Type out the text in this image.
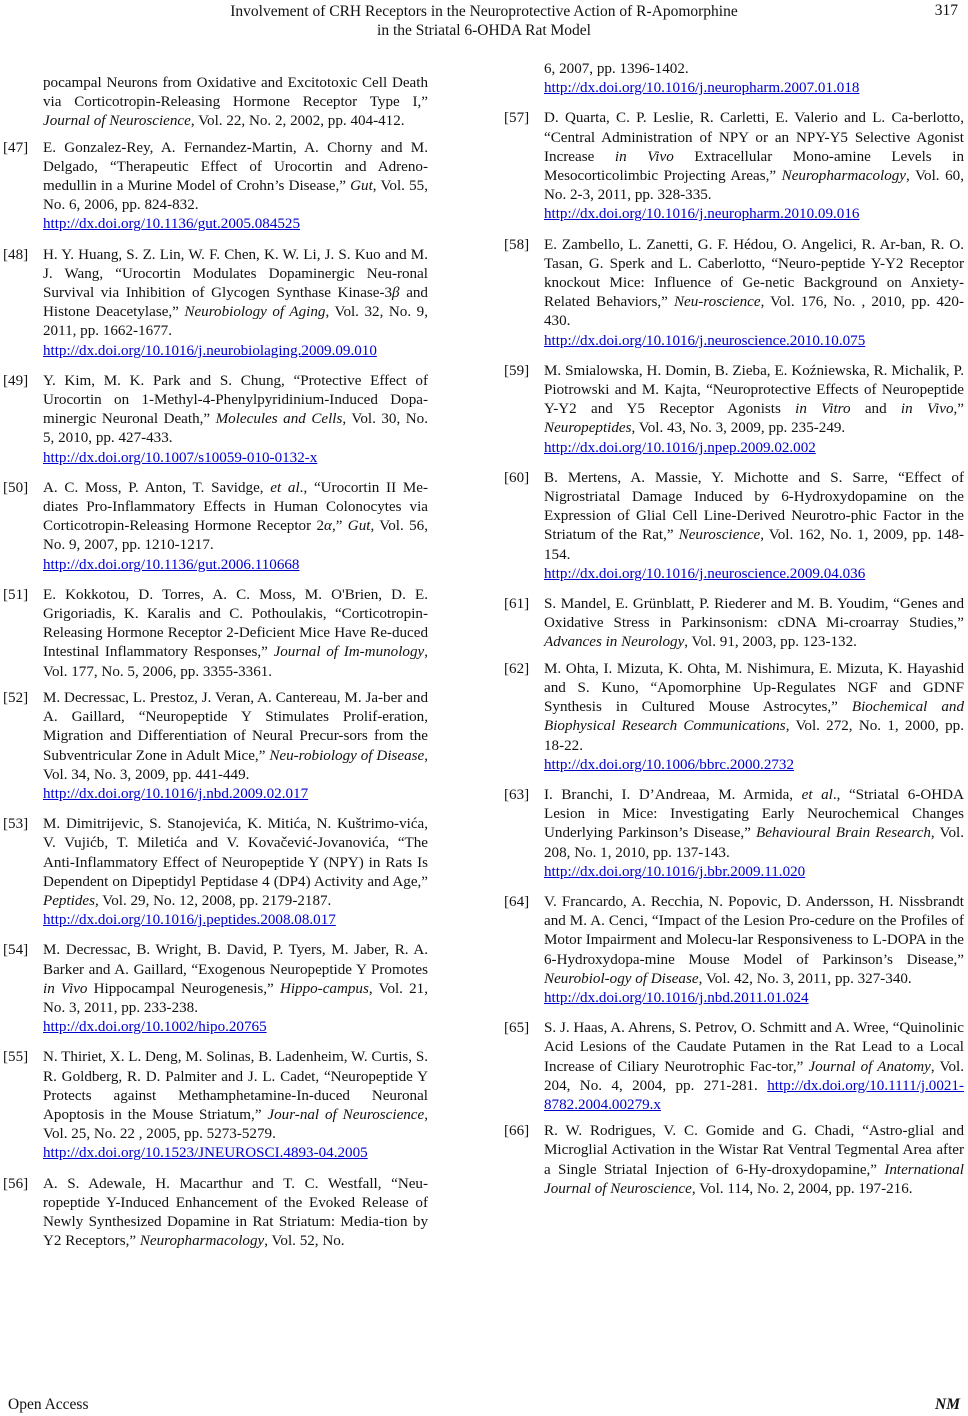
Involvement of CRH Receptors in the Neuroprotective Action of R-Apomorphine
in the Striatal 6-OHDA Rat Model
317
pocampal Neurons from Oxidative and Excitotoxic Cell Death via Corticotropin-Releasing Hormone Receptor Type I,” Journal of Neuroscience, Vol. 22, No. 2, 2002, pp. 404-412.
[47] E. Gonzalez-Rey, A. Fernandez-Martin, A. Chorny and M. Delgado, “Therapeutic Effect of Urocortin and Adreno-medullin in a Murine Model of Crohn’s Disease,” Gut, Vol. 55, No. 6, 2006, pp. 824-832.
http://dx.doi.org/10.1136/gut.2005.084525
[48] H. Y. Huang, S. Z. Lin, W. F. Chen, K. W. Li, J. S. Kuo and M. J. Wang, “Urocortin Modulates Dopaminergic Neu-ronal Survival via Inhibition of Glycogen Synthase Kinase-3β and Histone Deacetylase,” Neurobiology of Aging, Vol. 32, No. 9, 2011, pp. 1662-1677.
http://dx.doi.org/10.1016/j.neurobiolaging.2009.09.010
[49] Y. Kim, M. K. Park and S. Chung, “Protective Effect of Urocortin on 1-Methyl-4-Phenylpyridinium-Induced Dopa-minergic Neuronal Death,” Molecules and Cells, Vol. 30, No. 5, 2010, pp. 427-433.
http://dx.doi.org/10.1007/s10059-010-0132-x
[50] A. C. Moss, P. Anton, T. Savidge, et al., “Urocortin II Me-diates Pro-Inflammatory Effects in Human Colonocytes via Corticotropin-Releasing Hormone Receptor 2α,” Gut, Vol. 56, No. 9, 2007, pp. 1210-1217.
http://dx.doi.org/10.1136/gut.2006.110668
[51] E. Kokkotou, D. Torres, A. C. Moss, M. O'Brien, D. E. Grigoriadis, K. Karalis and C. Pothoulakis, “Corticotropin-Releasing Hormone Receptor 2-Deficient Mice Have Re-duced Intestinal Inflammatory Responses,” Journal of Im-munology, Vol. 177, No. 5, 2006, pp. 3355-3361.
[52] M. Decressac, L. Prestoz, J. Veran, A. Cantereau, M. Ja-ber and A. Gaillard, “Neuropeptide Y Stimulates Prolif-eration, Migration and Differentiation of Neural Precur-sors from the Subventricular Zone in Adult Mice,” Neu-robiology of Disease, Vol. 34, No. 3, 2009, pp. 441-449.
http://dx.doi.org/10.1016/j.nbd.2009.02.017
[53] M. Dimitrijevic, S. Stanojevića, K. Mitića, N. Kuštrimo-vića, V. Vujićb, T. Miletića and V. Kovačević-Jovanovića, “The Anti-Inflammatory Effect of Neuropeptide Y (NPY) in Rats Is Dependent on Dipeptidyl Peptidase 4 (DP4) Activity and Age,” Peptides, Vol. 29, No. 12, 2008, pp. 2179-2187.
http://dx.doi.org/10.1016/j.peptides.2008.08.017
[54] M. Decressac, B. Wright, B. David, P. Tyers, M. Jaber, R. A. Barker and A. Gaillard, “Exogenous Neuropeptide Y Promotes in Vivo Hippocampal Neurogenesis,” Hippo-campus, Vol. 21, No. 3, 2011, pp. 233-238.
http://dx.doi.org/10.1002/hipo.20765
[55] N. Thiriet, X. L. Deng, M. Solinas, B. Ladenheim, W. Curtis, S. R. Goldberg, R. D. Palmiter and J. L. Cadet, “Neuropeptide Y Protects against Methamphetamine-In-duced Neuronal Apoptosis in the Mouse Striatum,” Jour-nal of Neuroscience, Vol. 25, No. 22 , 2005, pp. 5273-5279.
http://dx.doi.org/10.1523/JNEUROSCI.4893-04.2005
[56] A. S. Adewale, H. Macarthur and T. C. Westfall, “Neu-ropeptide Y-Induced Enhancement of the Evoked Release of Newly Synthesized Dopamine in Rat Striatum: Media-tion by Y2 Receptors,” Neuropharmacology, Vol. 52, No.
6, 2007, pp. 1396-1402.
http://dx.doi.org/10.1016/j.neuropharm.2007.01.018
[57] D. Quarta, C. P. Leslie, R. Carletti, E. Valerio and L. Ca-berlotto, “Central Administration of NPY or an NPY-Y5 Selective Agonist Increase in Vivo Extracellular Mono-amine Levels in Mesocorticolimbic Projecting Areas,” Neuropharmacology, Vol. 60, No. 2-3, 2011, pp. 328-335.
http://dx.doi.org/10.1016/j.neuropharm.2010.09.016
[58] E. Zambello, L. Zanetti, G. F. Hédou, O. Angelici, R. Ar-ban, R. O. Tasan, G. Sperk and L. Caberlotto, “Neuro-peptide Y-Y2 Receptor knockout Mice: Influence of Ge-netic Background on Anxiety-Related Behaviors,” Neu-roscience, Vol. 176, No. , 2010, pp. 420-430.
http://dx.doi.org/10.1016/j.neuroscience.2010.10.075
[59] M. Smialowska, H. Domin, B. Zieba, E. Koźniewska, R. Michalik, P. Piotrowski and M. Kajta, “Neuroprotective Effects of Neuropeptide Y-Y2 and Y5 Receptor Agonists in Vitro and in Vivo,” Neuropeptides, Vol. 43, No. 3, 2009, pp. 235-249.
http://dx.doi.org/10.1016/j.npep.2009.02.002
[60] B. Mertens, A. Massie, Y. Michotte and S. Sarre, “Effect of Nigrostriatal Damage Induced by 6-Hydroxydopamine on the Expression of Glial Cell Line-Derived Neurotro-phic Factor in the Striatum of the Rat,” Neuroscience, Vol. 162, No. 1, 2009, pp. 148-154.
http://dx.doi.org/10.1016/j.neuroscience.2009.04.036
[61] S. Mandel, E. Grünblatt, P. Riederer and M. B. Youdim, “Genes and Oxidative Stress in Parkinsonism: cDNA Mi-croarray Studies,” Advances in Neurology, Vol. 91, 2003, pp. 123-132.
[62] M. Ohta, I. Mizuta, K. Ohta, M. Nishimura, E. Mizuta, K. Hayashid and S. Kuno, “Apomorphine Up-Regulates NGF and GDNF Synthesis in Cultured Mouse Astrocytes,” Biochemical and Biophysical Research Communications, Vol. 272, No. 1, 2000, pp. 18-22.
http://dx.doi.org/10.1006/bbrc.2000.2732
[63] I. Branchi, I. D’Andreaa, M. Armida, et al., “Striatal 6-OHDA Lesion in Mice: Investigating Early Neurochemical Changes Underlying Parkinson’s Disease,” Behavioural Brain Research, Vol. 208, No. 1, 2010, pp. 137-143.
http://dx.doi.org/10.1016/j.bbr.2009.11.020
[64] V. Francardo, A. Recchia, N. Popovic, D. Andersson, H. Nissbrandt and M. A. Cenci, “Impact of the Lesion Pro-cedure on the Profiles of Motor Impairment and Molecu-lar Responsiveness to L-DOPA in the 6-Hydroxydopa-mine Mouse Model of Parkinson’s Disease,” Neurobiol-ogy of Disease, Vol. 42, No. 3, 2011, pp. 327-340.
http://dx.doi.org/10.1016/j.nbd.2011.01.024
[65] S. J. Haas, A. Ahrens, S. Petrov, O. Schmitt and A. Wree, “Quinolinic Acid Lesions of the Caudate Putamen in the Rat Lead to a Local Increase of Ciliary Neurotrophic Fac-tor,” Journal of Anatomy, Vol. 204, No. 4, 2004, pp. 271-281. http://dx.doi.org/10.1111/j.0021-8782.2004.00279.x
[66] R. W. Rodrigues, V. C. Gomide and G. Chadi, “Astro-glial and Microglial Activation in the Wistar Rat Ventral Tegmental Area after a Single Striatal Injection of 6-Hy-droxydopamine,” International Journal of Neuroscience, Vol. 114, No. 2, 2004, pp. 197-216.
Open Access	NM
